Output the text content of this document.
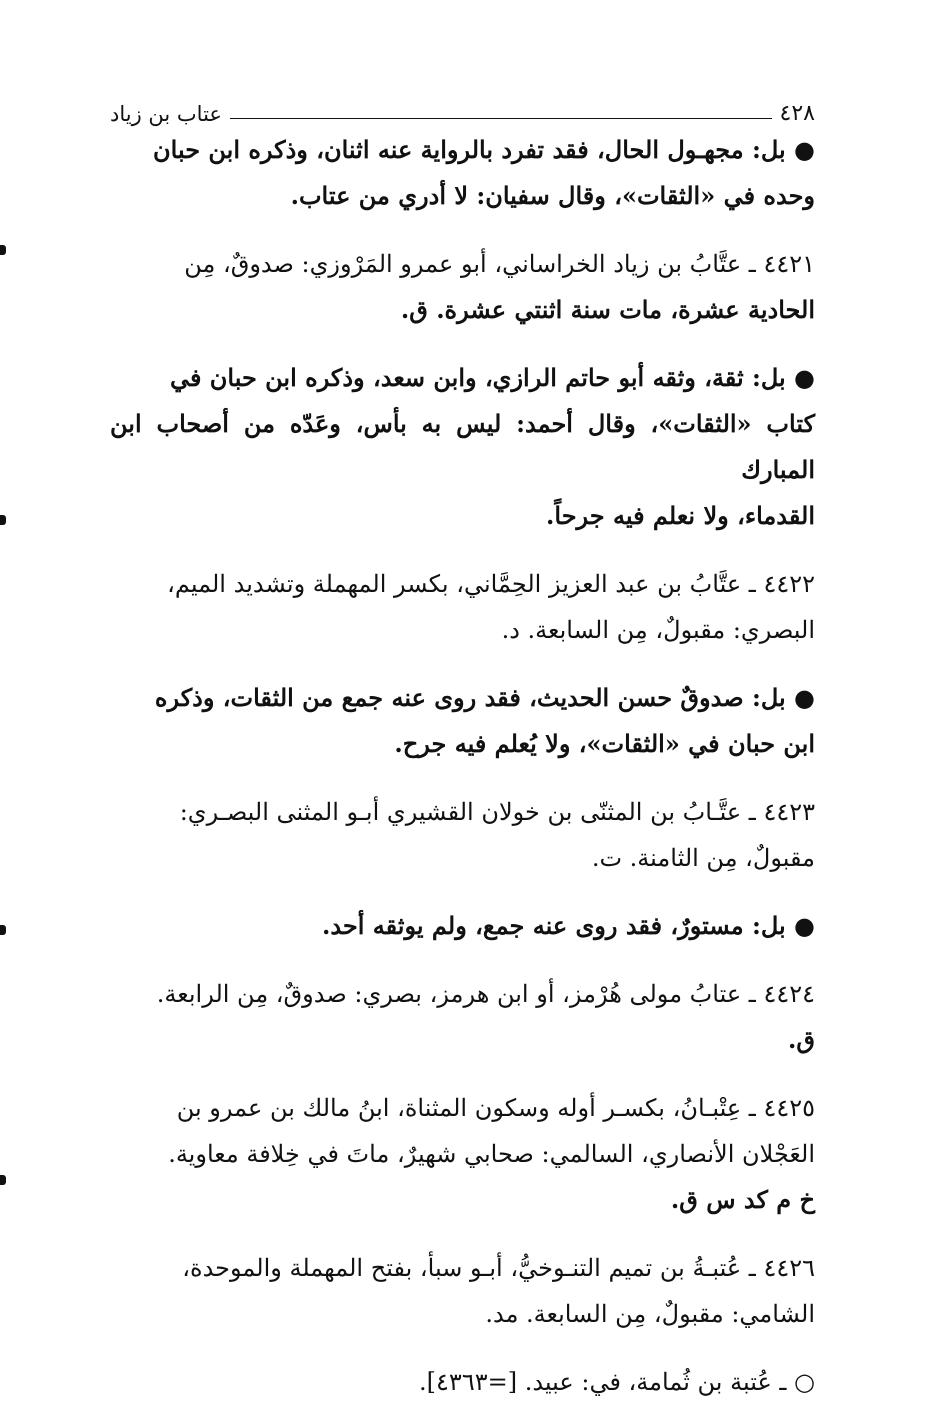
٤٢٨
عتاب بن زياد

● بل: مجهـول الحال، فقد تفرد بالرواية عنه اثنان، وذكره ابن حبان

وحده في «الثقات»، وقال سفيان: لا أدري من عتاب.

٤٤٢١ ـ عتَّابُ بن زياد الخراساني، أبو عمرو المَرْوزي: صدوقٌ، مِن

الحادية عشرة، مات سنة اثنتي عشرة. ق.

● بل: ثقة، وثقه أبو حاتم الرازي، وابن سعد، وذكره ابن حبان في

كتاب «الثقات»، وقال أحمد: ليس به بأس، وعَدّه من أصحاب ابن المبارك

القدماء، ولا نعلم فيه جرحاً.

٤٤٢٢ ـ عتَّابُ بن عبد العزيز الحِمَّاني، بكسر المهملة وتشديد الميم،

البصري: مقبولٌ، مِن السابعة. د.

● بل: صدوقٌ حسن الحديث، فقد روى عنه جمع من الثقات، وذكره

ابن حبان في «الثقات»، ولا يُعلم فيه جرح.

٤٤٢٣ ـ عتَّـابُ بن المثنّى بن خولان القشيري أبـو المثنى البصـري:

مقبولٌ، مِن الثامنة. ت.

● بل: مستورٌ، فقد روى عنه جمع، ولم يوثقه أحد.

٤٤٢٤ ـ عتابُ مولى هُرْمز، أو ابن هرمز، بصري: صدوقٌ، مِن الرابعة.

ق.

٤٤٢٥ ـ عِتْبـانُ، بكسـر أوله وسكون المثناة، ابنُ مالك بن عمرو بن

العَجْلان الأنصاري، السالمي: صحابي شهيرٌ، ماتَ في خِلافة معاوية.

خ م كد س ق.

٤٤٢٦ ـ عُتبـةُ بن تميم التنـوخيُّ، أبـو سبأ، بفتح المهملة والموحدة،

الشامي: مقبولٌ، مِن السابعة. مد.

○ ـ عُتبة بن ثُمامة، في: عبيد. [=٤٣٦٣].
